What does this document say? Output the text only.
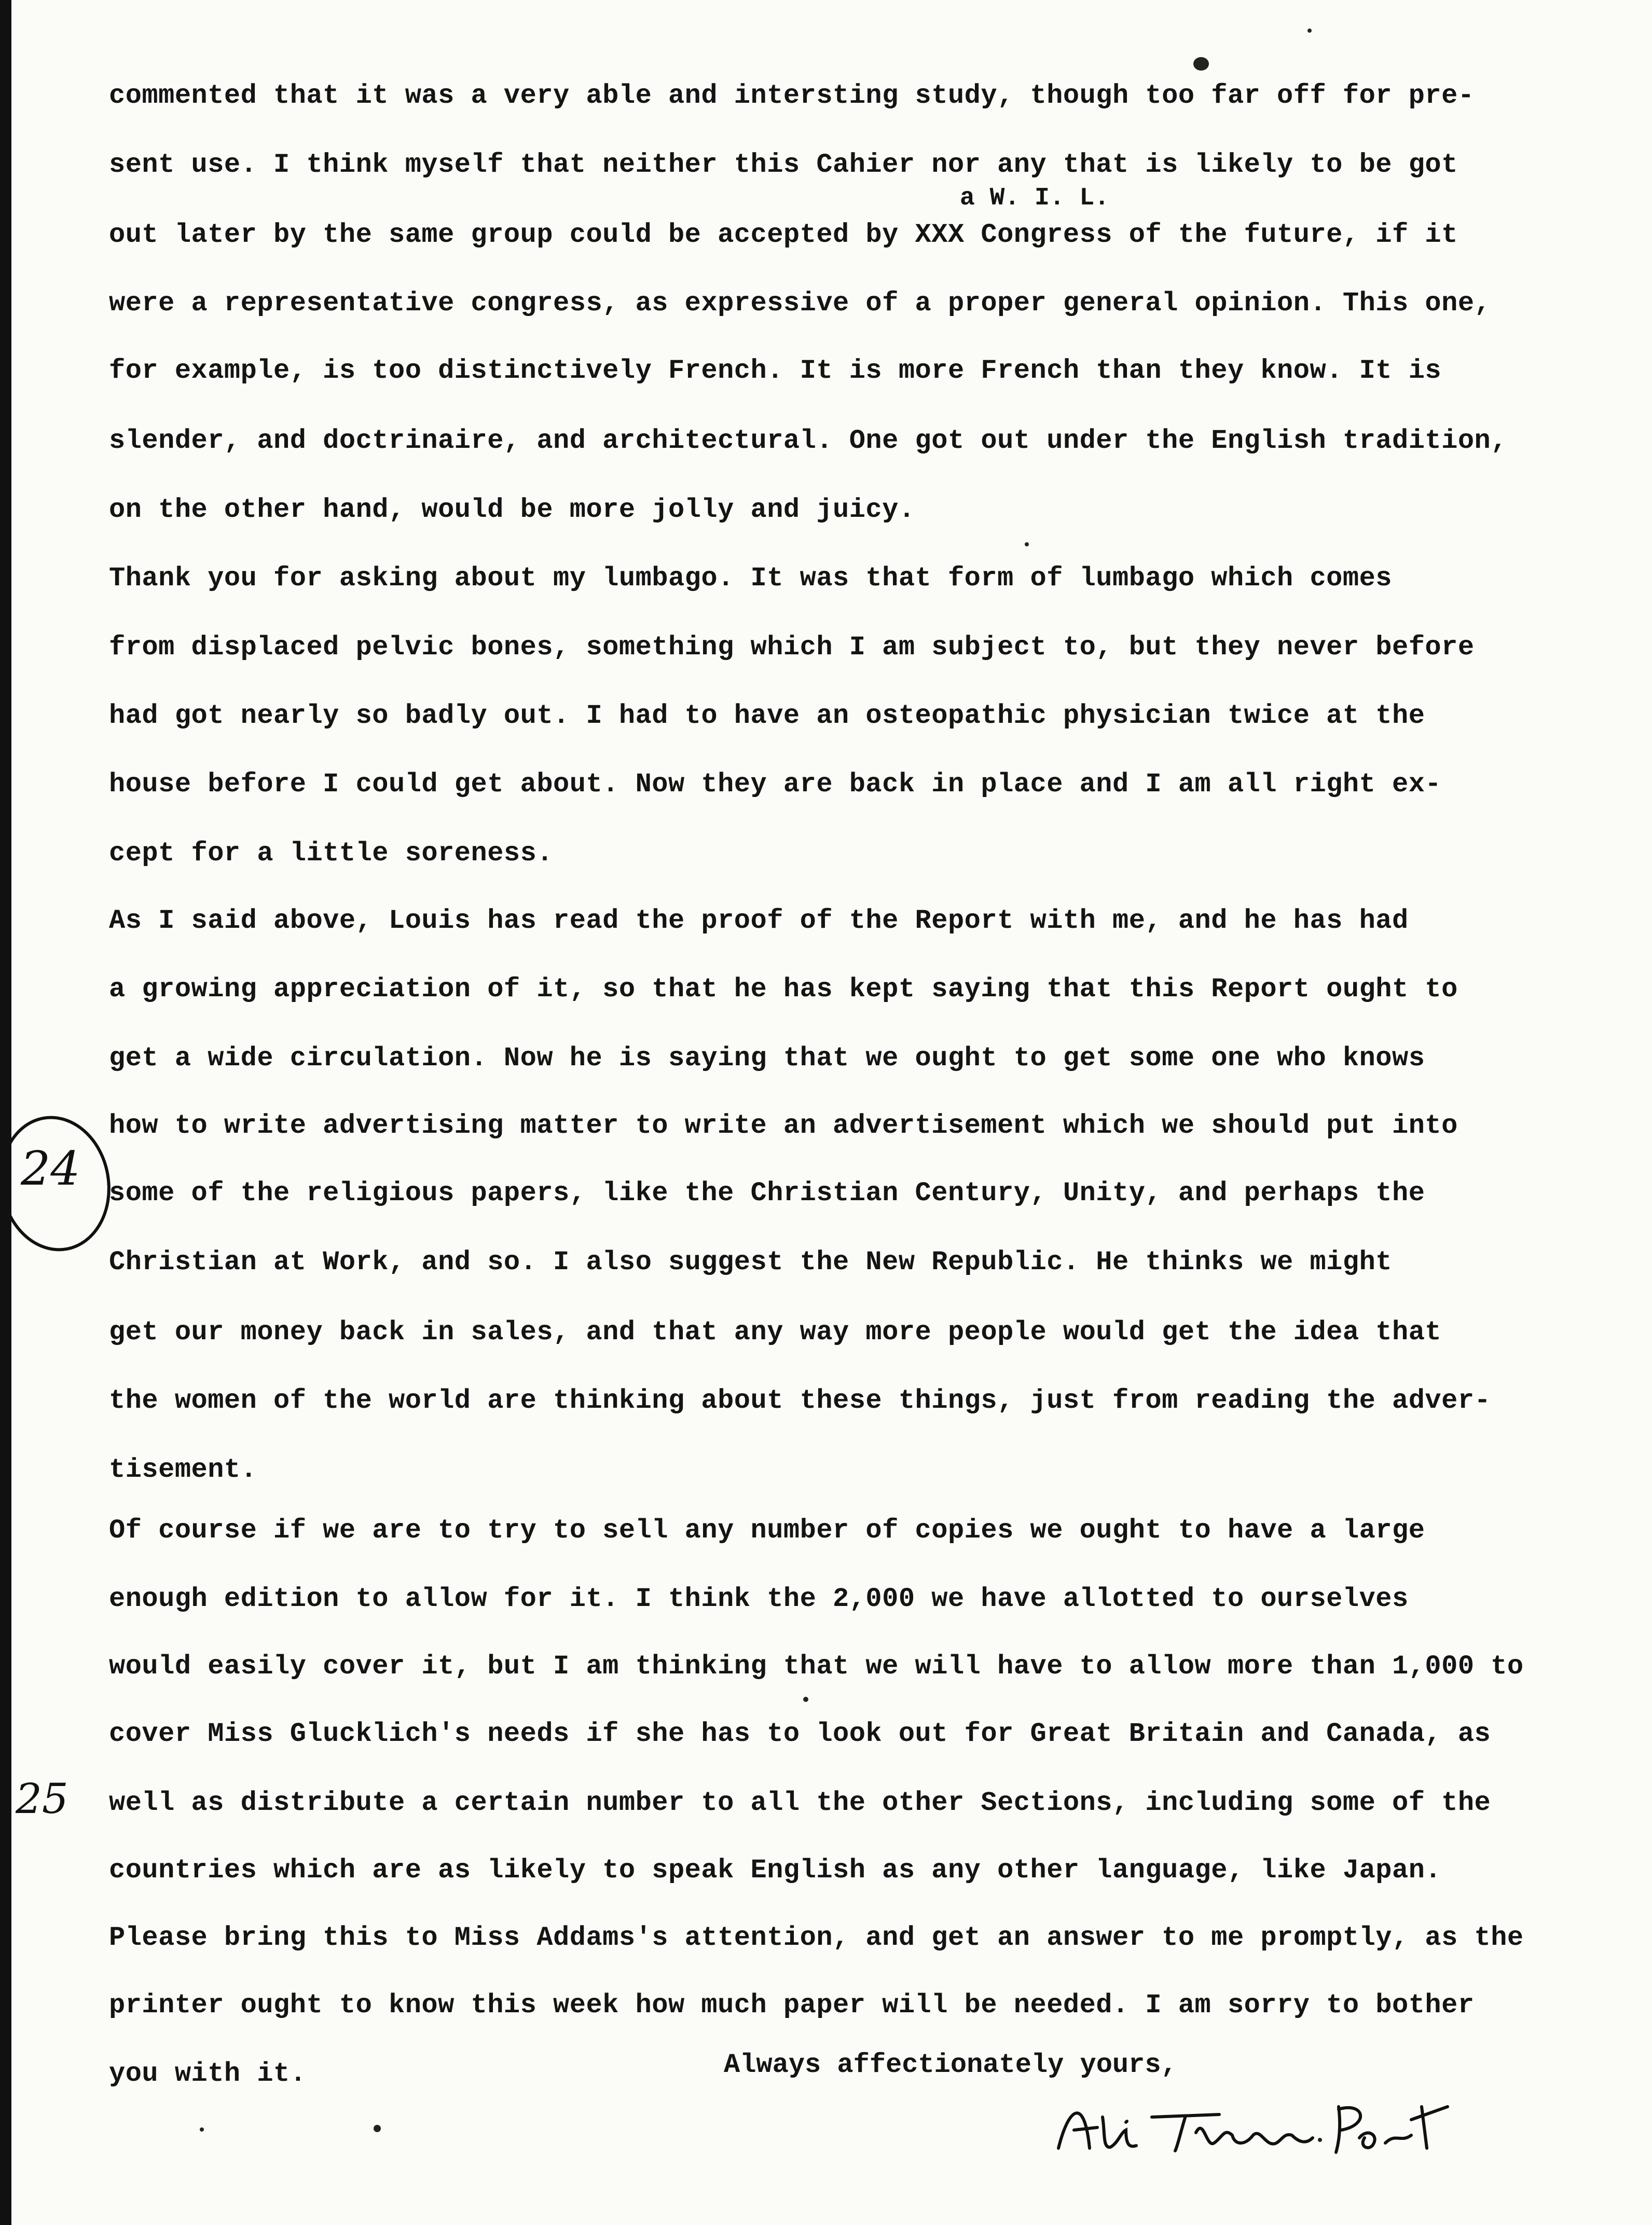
a W. I. L.
commented that it was a very able and intersting study, though too far off for pre-
sent use. I think myself that neither this Cahier nor any that is likely to be got
out later by the same group could be accepted by XXX Congress of the future, if it
were a representative congress, as expressive of a proper general opinion. This one,
for example, is too distinctively French. It is more French than they know. It is
slender, and doctrinaire, and architectural. One got out under the English tradition,
on the other hand, would be more jolly and juicy.
Thank you for asking about my lumbago. It was that form of lumbago which comes
from displaced pelvic bones, something which I am subject to, but they never before
had got nearly so badly out. I had to have an osteopathic physician twice at the
house before I could get about. Now they are back in place and I am all right ex-
cept for a little soreness.
As I said above, Louis has read the proof of the Report with me, and he has had
a growing appreciation of it, so that he has kept saying that this Report ought to
get a wide circulation. Now he is saying that we ought to get some one who knows
how to write advertising matter to write an advertisement which we should put into
some of the religious papers, like the Christian Century, Unity, and perhaps the
Christian at Work, and so. I also suggest the New Republic. He thinks we might
get our money back in sales, and that any way more people would get the idea that
the women of the world are thinking about these things, just from reading the adver-
tisement.
Of course if we are to try to sell any number of copies we ought to have a large
enough edition to allow for it. I think the 2,000 we have allotted to ourselves
would easily cover it, but I am thinking that we will have to allow more than 1,000 to
cover Miss Glucklich's needs if she has to look out for Great Britain and Canada, as
well as distribute a certain number to all the other Sections, including some of the
countries which are as likely to speak English as any other language, like Japan.
Please bring this to Miss Addams's attention, and get an answer to me promptly, as the
printer ought to know this week how much paper will be needed. I am sorry to bother
you with it.	Always affectionately yours,
24
25
